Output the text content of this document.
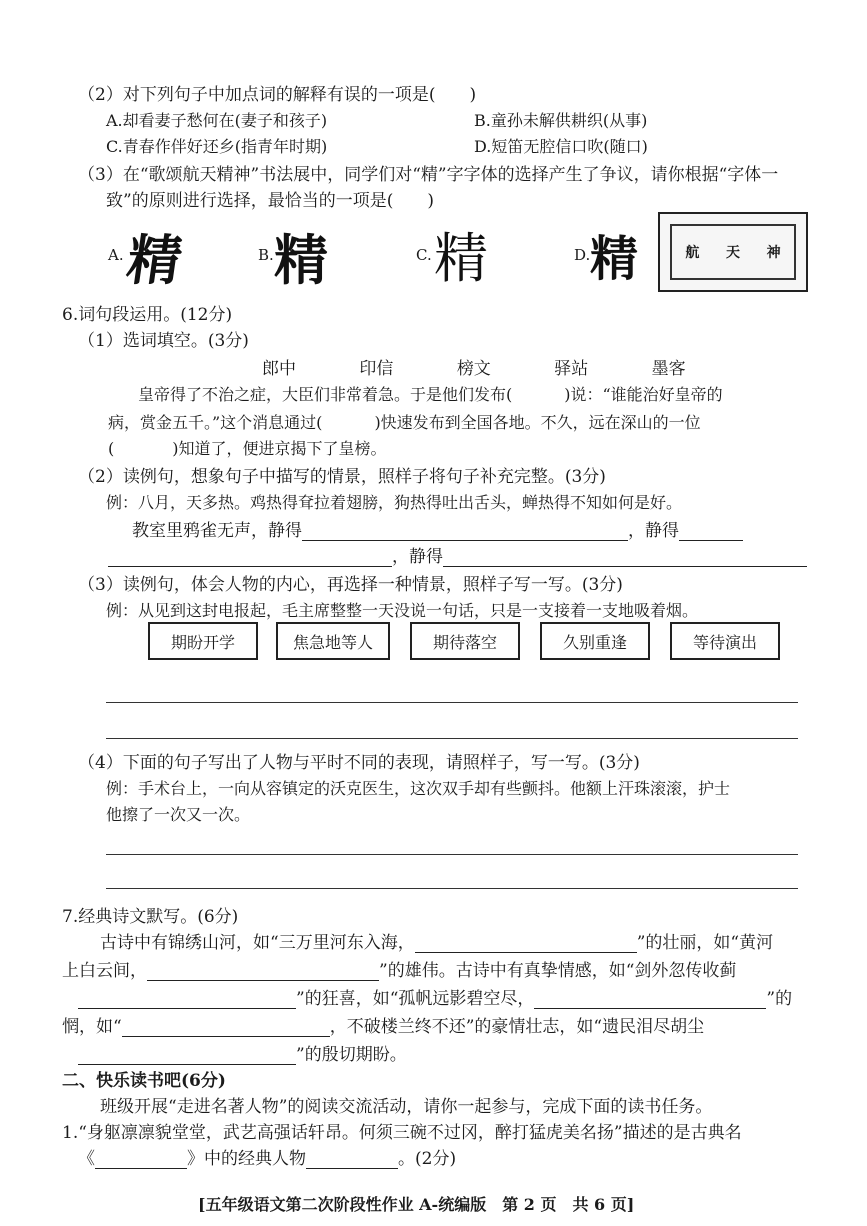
（2）对下列句子中加点词的解释有误的一项是(　　)
A.却看妻子愁何在(妻子和孩子)	B.童孙未解供耕织(从事)
C.青春作伴好还乡(指青年时期)	D.短笛无腔信口吹(随口)
（3）在“歌颂航天精神”书法展中，同学们对“精”字字体的选择产生了争议，请你根据“字体一
致”的原则进行选择，最恰当的一项是(　　)
A. 精	B. 精	C. 精	D. 精	航 天 神
6.词句段运用。(12分)
（1）选词填空。(3分)
郎中	印信	榜文	驿站	墨客
皇帝得了不治之症，大臣们非常着急。于是他们发布(	)说：“谁能治好皇帝的
病，赏金五千。”这个消息通过(	)快速发布到全国各地。不久，远在深山的一位
(	)知道了，便进京揭下了皇榜。
（2）读例句，想象句子中描写的情景，照样子将句子补充完整。(3分)
例：八月，天多热。鸡热得耷拉着翅膀，狗热得吐出舌头，蝉热得不知如何是好。
教室里鸦雀无声，静得	，静得
，静得
（3）读例句，体会人物的内心，再选择一种情景，照样子写一写。(3分)
例：从见到这封电报起，毛主席整整一天没说一句话，只是一支接着一支地吸着烟。
期盼开学	焦急地等人	期待落空	久别重逢	等待演出
（4）下面的句子写出了人物与平时不同的表现，请照样子，写一写。(3分)
例：手术台上，一向从容镇定的沃克医生，这次双手却有些颤抖。他额上汗珠滚滚，护士
他擦了一次又一次。
7.经典诗文默写。(6分)
古诗中有锦绣山河，如“三万里河东入海，	”的壮丽，如“黄河
上白云间，	”的雄伟。古诗中有真挚情感，如“剑外忽传收蓟
”的狂喜，如“孤帆远影碧空尽，	”的
惘，如“	，不破楼兰终不还”的豪情壮志，如“遗民泪尽胡尘
”的殷切期盼。
二、快乐读书吧(6分)
班级开展“走进名著人物”的阅读交流活动，请你一起参与，完成下面的读书任务。
1.“身躯凛凛貌堂堂，武艺高强话轩昂。何须三碗不过冈，醉打猛虎美名扬”描述的是古典名
《	》中的经典人物	。(2分)
[五年级语文第二次阶段性作业 A-统编版　第 2 页　共 6 页]
